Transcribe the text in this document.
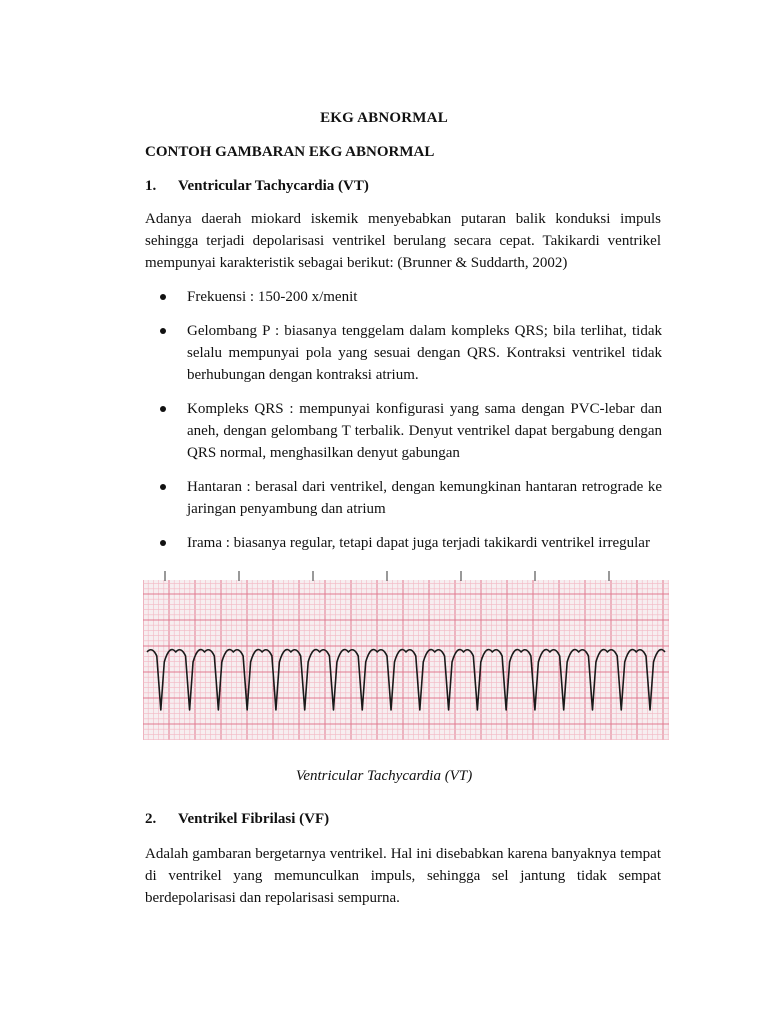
EKG ABNORMAL
CONTOH GAMBARAN EKG ABNORMAL
1. Ventricular Tachycardia (VT)
Adanya daerah miokard iskemik menyebabkan putaran balik konduksi impuls sehingga terjadi depolarisasi ventrikel berulang secara cepat. Takikardi ventrikel mempunyai karakteristik sebagai berikut: (Brunner & Suddarth, 2002)
Frekuensi : 150-200 x/menit
Gelombang P : biasanya tenggelam dalam kompleks QRS; bila terlihat, tidak selalu mempunyai pola yang sesuai dengan QRS. Kontraksi ventrikel tidak berhubungan dengan kontraksi atrium.
Kompleks QRS : mempunyai konfigurasi yang sama dengan PVC-lebar dan aneh, dengan gelombang T terbalik. Denyut ventrikel dapat bergabung dengan QRS normal, menghasilkan denyut gabungan
Hantaran : berasal dari ventrikel, dengan kemungkinan hantaran retrograde ke jaringan penyambung dan atrium
Irama : biasanya regular, tetapi dapat juga terjadi takikardi ventrikel irregular
Ventricular Tachycardia (VT)
2. Ventrikel Fibrilasi (VF)
Adalah gambaran bergetarnya ventrikel. Hal ini disebabkan karena banyaknya tempat di ventrikel yang memunculkan impuls, sehingga sel jantung tidak sempat berdepolarisasi dan repolarisasi sempurna.
